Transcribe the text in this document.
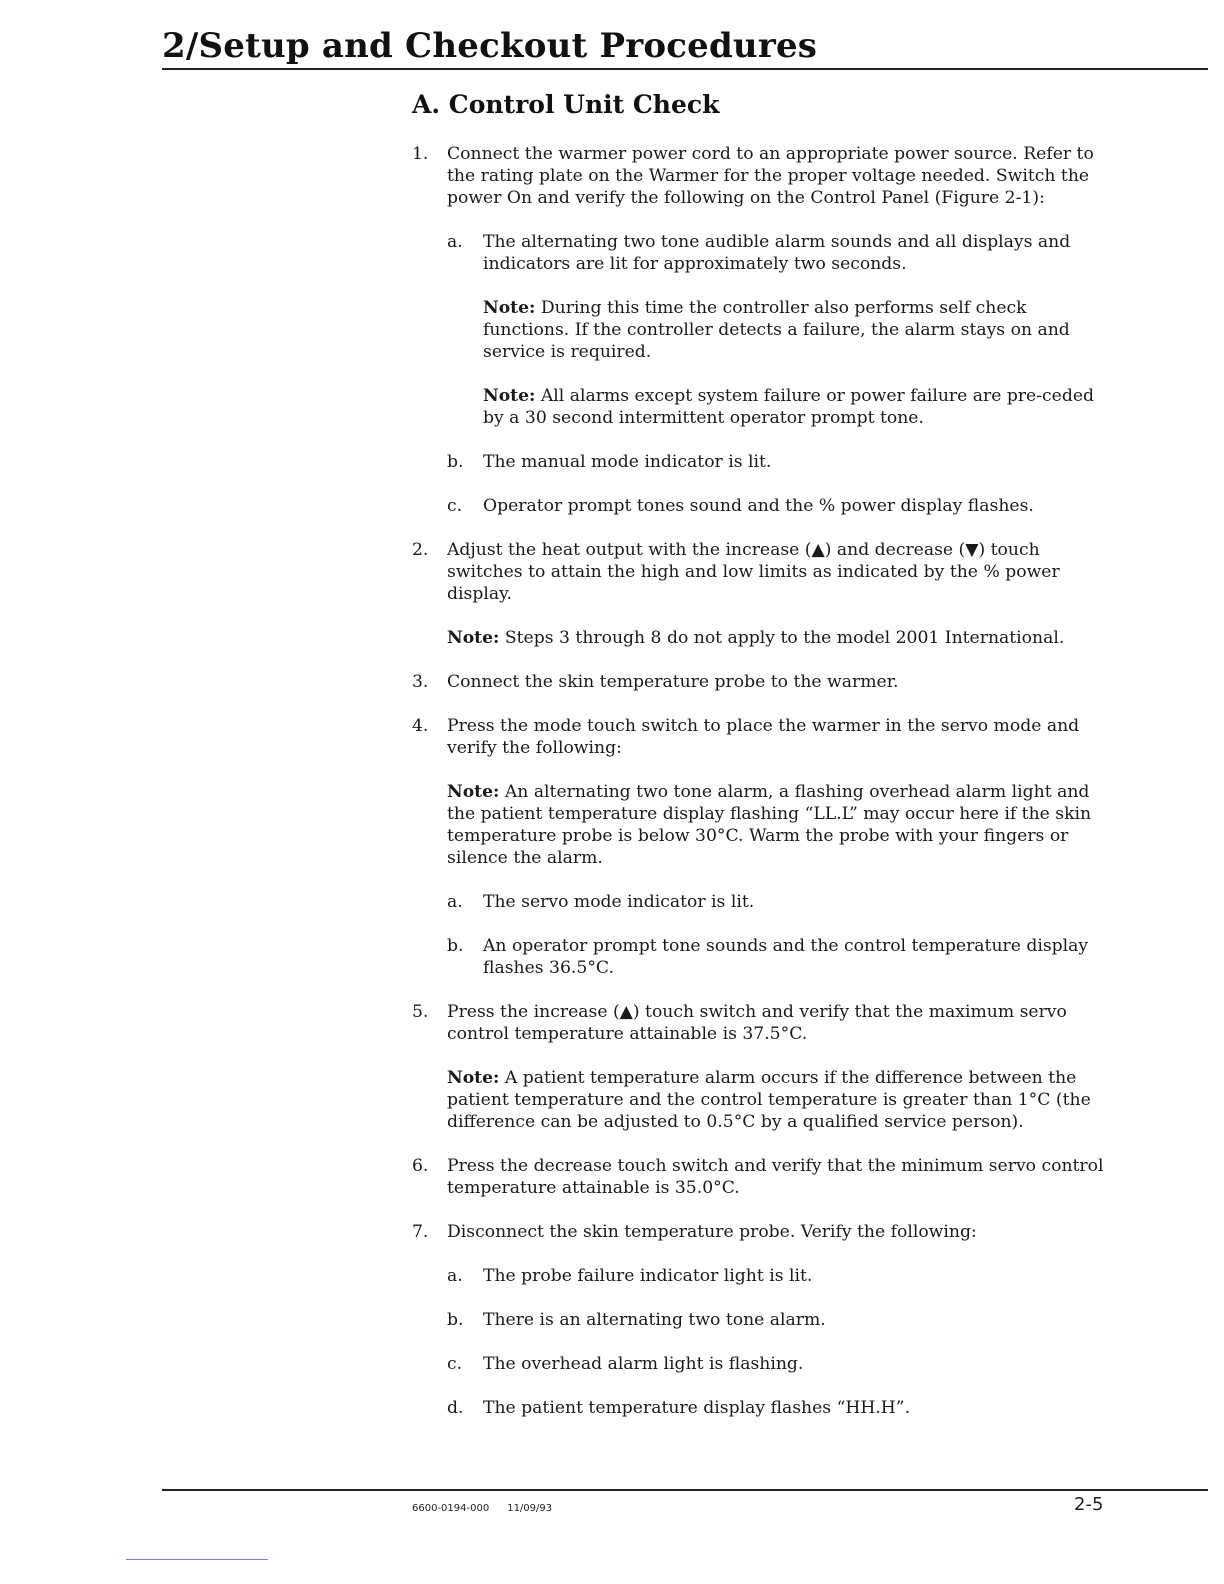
2/Setup and Checkout Procedures
A. Control Unit Check
1.	Connect the warmer power cord to an appropriate power source. Refer to the rating plate on the Warmer for the proper voltage needed. Switch the power On and verify the following on the Control Panel (Figure 2-1):

a.	The alternating two tone audible alarm sounds and all displays and indicators are lit for approximately two seconds.

Note: During this time the controller also performs self check functions. If the controller detects a failure, the alarm stays on and service is required.
Note: All alarms except system failure or power failure are pre-ceded by a 30 second intermittent operator prompt tone.
b.	The manual mode indicator is lit.

c.	Operator prompt tones sound and the % power display flashes.

2.	Adjust the heat output with the increase (▲) and decrease (▼) touch switches to attain the high and low limits as indicated by the % power display.

Note: Steps 3 through 8 do not apply to the model 2001 International.
3.	Connect the skin temperature probe to the warmer.

4.	Press the mode touch switch to place the warmer in the servo mode and verify the following:

Note: An alternating two tone alarm, a flashing overhead alarm light and the patient temperature display flashing “LL.L” may occur here if the skin temperature probe is below 30°C. Warm the probe with your fingers or silence the alarm.
a.	The servo mode indicator is lit.

b.	An operator prompt tone sounds and the control temperature display flashes 36.5°C.

5.	Press the increase (▲) touch switch and verify that the maximum servo control temperature attainable is 37.5°C.

Note: A patient temperature alarm occurs if the difference between the patient temperature and the control temperature is greater than 1°C (the difference can be adjusted to 0.5°C by a qualified service person).
6.	Press the decrease touch switch and verify that the minimum servo control temperature attainable is 35.0°C.

7.	Disconnect the skin temperature probe. Verify the following:

a.	The probe failure indicator light is lit.

b.	There is an alternating two tone alarm.

c.	The overhead alarm light is flashing.

d.	The patient temperature display flashes “HH.H”.

6600-0194-000 11/09/93	2-5
